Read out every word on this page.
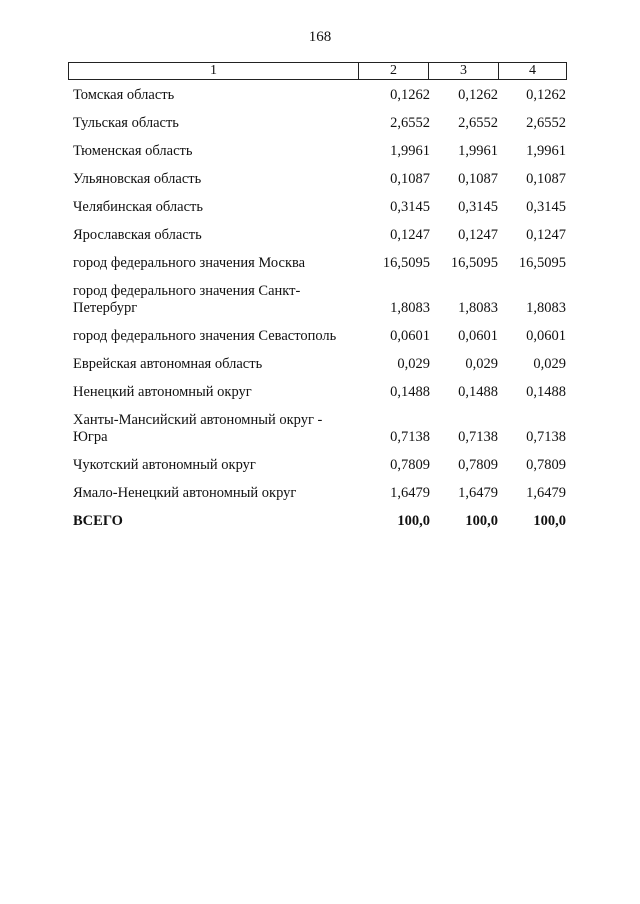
168
1	2	3	4
Томская область	0,1262 0,1262 0,1262
Тульская область	2,6552 2,6552 2,6552
Тюменская область	1,9961 1,9961 1,9961
Ульяновская область	0,1087 0,1087 0,1087
Челябинская область	0,3145 0,3145 0,3145
Ярославская область	0,1247 0,1247 0,1247
город федерального значения Москва	16,5095 16,5095 16,5095
город федерального значения Санкт-Петербург	1,8083 1,8083 1,8083
город федерального значения Севастополь	0,0601 0,0601 0,0601
Еврейская автономная область	0,029 0,029 0,029
Ненецкий автономный округ	0,1488 0,1488 0,1488
Ханты-Мансийский автономный округ - Югра	0,7138 0,7138 0,7138
Чукотский автономный округ	0,7809 0,7809 0,7809
Ямало-Ненецкий автономный округ	1,6479 1,6479 1,6479
ВСЕГО	100,0 100,0 100,0
